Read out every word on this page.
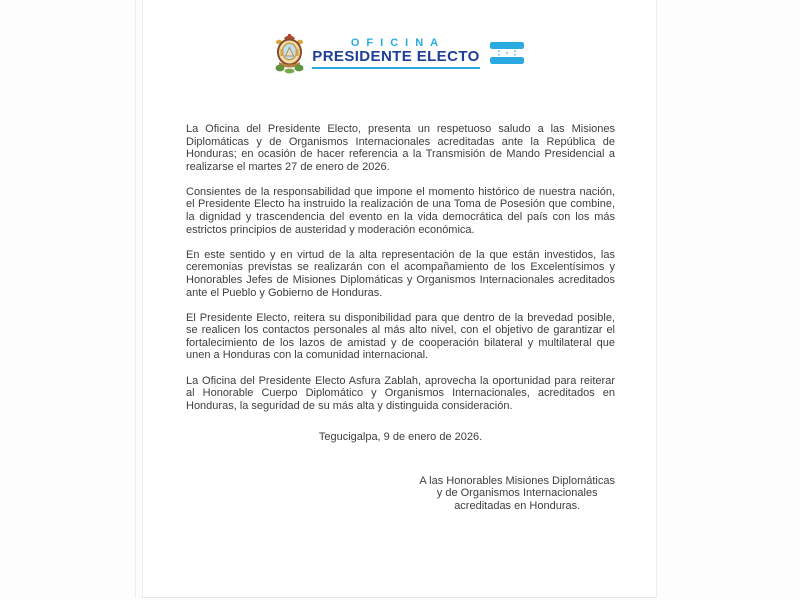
OFICINA
PRESIDENTE ELECTO

La Oficina del Presidente Electo, presenta un respetuoso saludo a las Misiones Diplomáticas y de Organismos Internacionales acreditadas ante la República de Honduras; en ocasión de hacer referencia a la Transmisión de Mando Presidencial a realizarse el martes 27 de enero de 2026.

Consientes de la responsabilidad que impone el momento histórico de nuestra nación, el Presidente Electo ha instruido la realización de una Toma de Posesión que combine, la dignidad y trascendencia del evento en la vida democrática del país con los más estrictos principios de austeridad y moderación económica.

En este sentido y en virtud de la alta representación de la que están investidos, las ceremonias previstas se realizarán con el acompañamiento de los Excelentísimos y Honorables Jefes de Misiones Diplomáticas y Organismos Internacionales acreditados ante el Pueblo y Gobierno de Honduras.

El Presidente Electo, reitera su disponibilidad para que dentro de la brevedad posible, se realicen los contactos personales al más alto nivel, con el objetivo de garantizar el fortalecimiento de los lazos de amistad y de cooperación bilateral y multilateral que unen a Honduras con la comunidad internacional.

La Oficina del Presidente Electo Asfura Zablah, aprovecha la oportunidad para reiterar al Honorable Cuerpo Diplomático y Organismos Internacionales, acreditados en Honduras, la seguridad de su más alta y distinguida consideración.

Tegucigalpa, 9 de enero de 2026.

A las Honorables Misiones Diplomáticas
y de Organismos Internacionales
acreditadas en Honduras.
